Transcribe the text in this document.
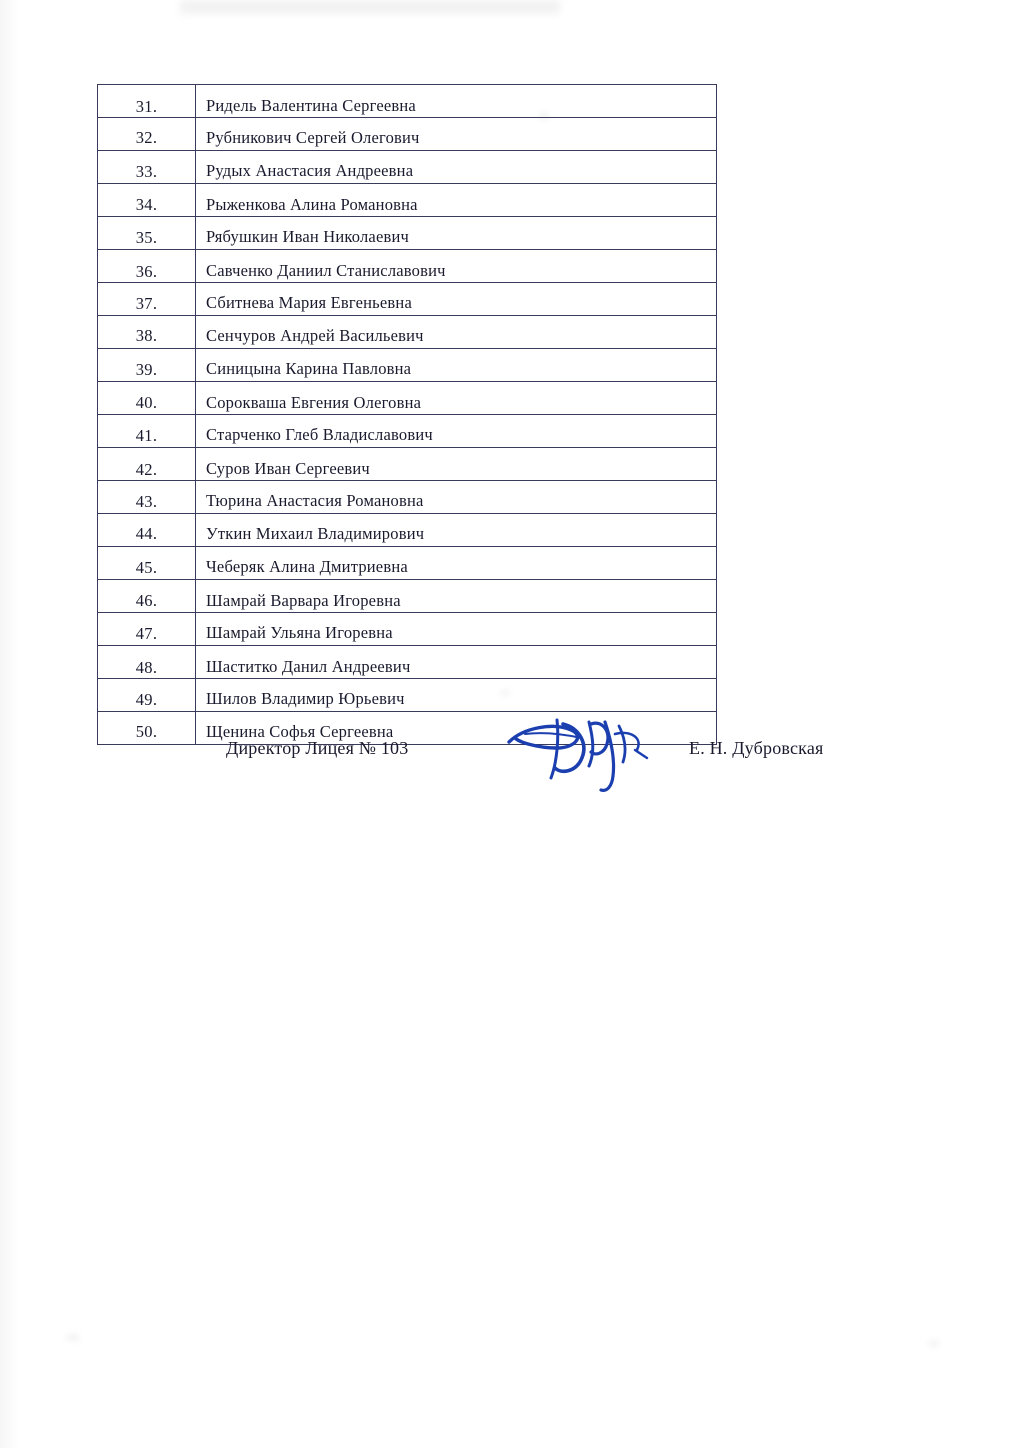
31.	Ридель Валентина Сергеевна
32.	Рубникович Сергей Олегович
33.	Рудых Анастасия Андреевна
34.	Рыженкова Алина Романовна
35.	Рябушкин Иван Николаевич
36.	Савченко Даниил Станиславович
37.	Сбитнева Мария Евгеньевна
38.	Сенчуров Андрей Васильевич
39.	Синицына Карина Павловна
40.	Сорокваша Евгения Олеговна
41.	Старченко Глеб Владиславович
42.	Суров Иван Сергеевич
43.	Тюрина Анастасия Романовна
44.	Уткин Михаил Владимирович
45.	Чеберяк Алина Дмитриевна
46.	Шамрай Варвара Игоревна
47.	Шамрай Ульяна Игоревна
48.	Шаститко Данил Андреевич
49.	Шилов Владимир Юрьевич
50.	Щенина Софья Сергеевна
Директор Лицея № 103	Е. Н. Дубровская
